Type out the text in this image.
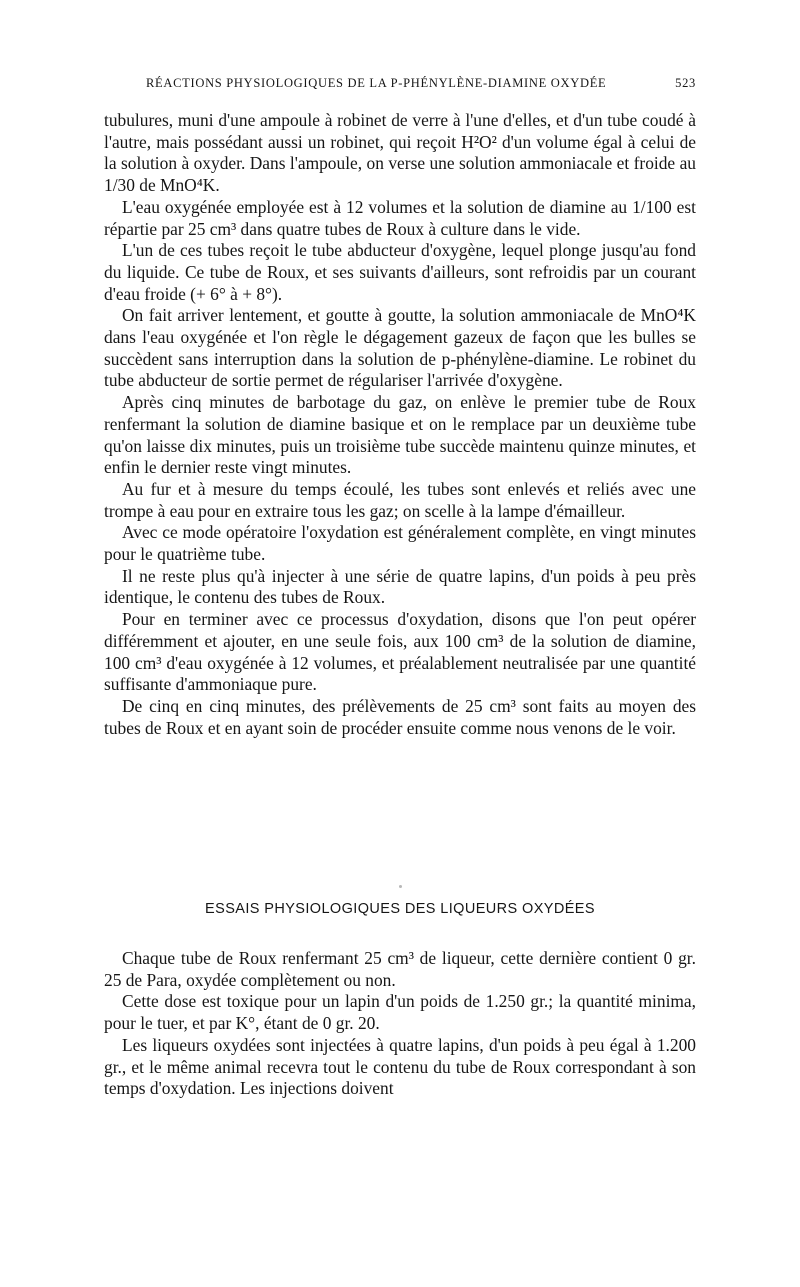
RÉACTIONS PHYSIOLOGIQUES DE LA P-PHÉNYLÈNE-DIAMINE OXYDÉE	523

tubulures, muni d'une ampoule à robinet de verre à l'une d'elles, et d'un tube coudé à l'autre, mais possédant aussi un robinet, qui reçoit H²O² d'un volume égal à celui de la solution à oxyder. Dans l'ampoule, on verse une solution ammoniacale et froide au 1/30 de MnO⁴K.

L'eau oxygénée employée est à 12 volumes et la solution de diamine au 1/100 est répartie par 25 cm³ dans quatre tubes de Roux à culture dans le vide.

L'un de ces tubes reçoit le tube abducteur d'oxygène, lequel plonge jusqu'au fond du liquide. Ce tube de Roux, et ses suivants d'ailleurs, sont refroidis par un courant d'eau froide (+ 6° à + 8°).

On fait arriver lentement, et goutte à goutte, la solution ammoniacale de MnO⁴K dans l'eau oxygénée et l'on règle le dégagement gazeux de façon que les bulles se succèdent sans interruption dans la solution de p-phénylène-diamine. Le robinet du tube abducteur de sortie permet de régulariser l'arrivée d'oxygène.

Après cinq minutes de barbotage du gaz, on enlève le premier tube de Roux renfermant la solution de diamine basique et on le remplace par un deuxième tube qu'on laisse dix minutes, puis un troisième tube succède maintenu quinze minutes, et enfin le dernier reste vingt minutes.

Au fur et à mesure du temps écoulé, les tubes sont enlevés et reliés avec une trompe à eau pour en extraire tous les gaz; on scelle à la lampe d'émailleur.

Avec ce mode opératoire l'oxydation est généralement complète, en vingt minutes pour le quatrième tube.

Il ne reste plus qu'à injecter à une série de quatre lapins, d'un poids à peu près identique, le contenu des tubes de Roux.

Pour en terminer avec ce processus d'oxydation, disons que l'on peut opérer différemment et ajouter, en une seule fois, aux 100 cm³ de la solution de diamine, 100 cm³ d'eau oxygénée à 12 volumes, et préalablement neutralisée par une quantité suffisante d'ammoniaque pure.

De cinq en cinq minutes, des prélèvements de 25 cm³ sont faits au moyen des tubes de Roux et en ayant soin de procéder ensuite comme nous venons de le voir.

ESSAIS PHYSIOLOGIQUES DES LIQUEURS OXYDÉES

Chaque tube de Roux renfermant 25 cm³ de liqueur, cette dernière contient 0 gr. 25 de Para, oxydée complètement ou non.

Cette dose est toxique pour un lapin d'un poids de 1.250 gr.; la quantité minima, pour le tuer, et par K°, étant de 0 gr. 20.

Les liqueurs oxydées sont injectées à quatre lapins, d'un poids à peu égal à 1.200 gr., et le même animal recevra tout le contenu du tube de Roux correspondant à son temps d'oxydation. Les injections doivent
